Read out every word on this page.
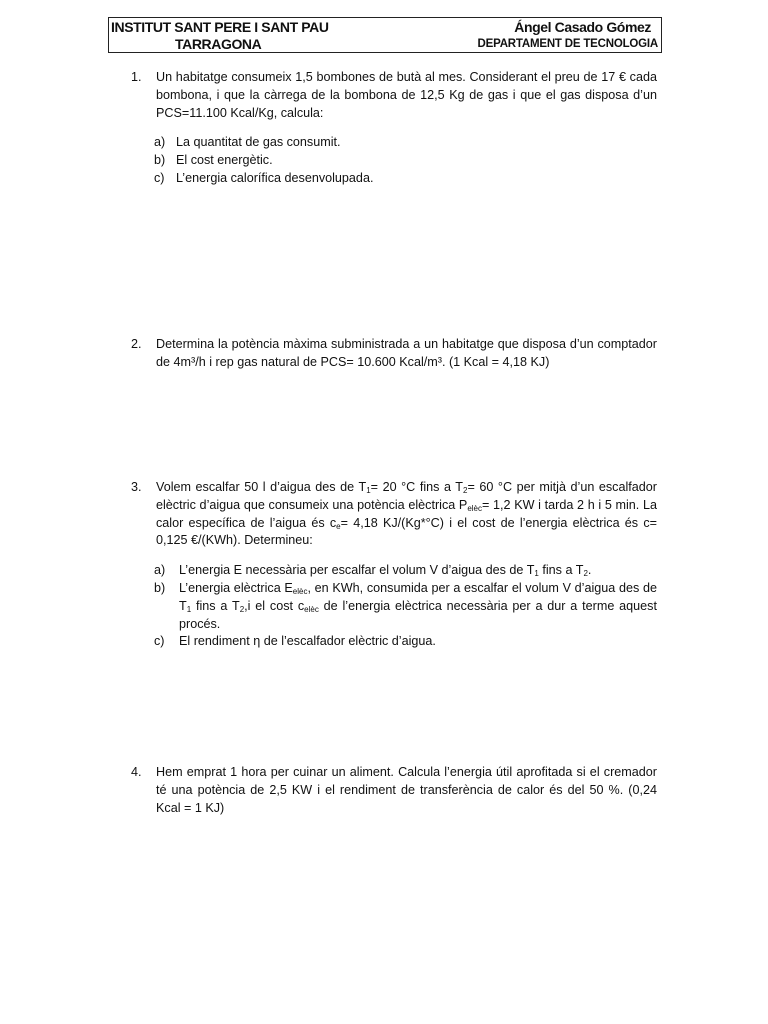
INSTITUT SANT PERE I SANT PAU
TARRAGONA
Ángel Casado Gómez
DEPARTAMENT DE TECNOLOGIA
1. Un habitatge consumeix 1,5 bombones de butà al mes. Considerant el preu de 17 € cada bombona, i que la càrrega de la bombona de 12,5 Kg de gas i que el gas disposa d’un PCS=11.100 Kcal/Kg, calcula:
a) La quantitat de gas consumit.
b) El cost energètic.
c) L’energia calorífica desenvolupada.
2. Determina la potència màxima subministrada a un habitatge que disposa d’un comptador de 4m³/h i rep gas natural de PCS= 10.600 Kcal/m³. (1 Kcal = 4,18 KJ)
3. Volem escalfar 50 l d’aigua des de $T_1= 20$ °C fins a $T_2= 60$ °C per mitjà d’un escalfador elèctric d’aigua que consumeix una potència elèctrica $P_{elèc}= 1,2$ KW i tarda 2 h i 5 min. La calor específica de l’aigua és $c_e= 4,18$ KJ/(Kg*°C) i el cost de l’energia elèctrica és c= 0,125 €/(KWh). Determineu:
a) L’energia E necessària per escalfar el volum V d’aigua des de $T_1$ fins a $T_2$.
b) L’energia elèctrica $E_{elèc}$, en KWh, consumida per a escalfar el volum V d’aigua des de $T_1$ fins a $T_2,i$ el cost $c_{elèc}$ de l’energia elèctrica necessària per a dur a terme aquest procés.
c) El rendiment η de l’escalfador elèctric d’aigua.
4. Hem emprat 1 hora per cuinar un aliment. Calcula l’energia útil aprofitada si el cremador té una potència de 2,5 KW i el rendiment de transferència de calor és del 50 %. (0,24 Kcal = 1 KJ)
